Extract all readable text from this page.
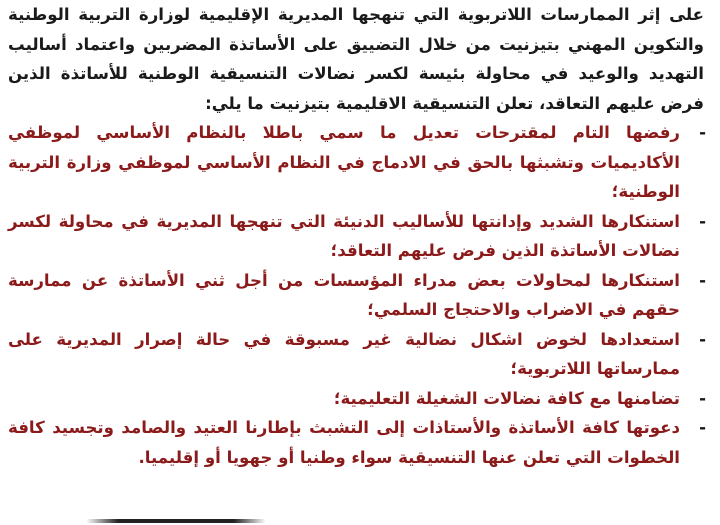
على إثر الممارسات اللاتربوية التي تنهجها المديرية الإقليمية لوزارة التربية الوطنية والتكوين المهني بتيزنيت من خلال التضييق على الأساتذة المضربين واعتماد أساليب التهديد والوعيد في محاولة بئيسة لكسر نضالات التنسيقية الوطنية للأساتذة الذين فرض عليهم التعاقد، تعلن التنسيقية الاقليمية بتيزنيت ما يلي:

-
رفضها التام لمقترحات تعديل ما سمي باطلا بالنظام الأساسي لموظفي الأكاديميات وتشبثها بالحق في الادماج في النظام الأساسي لموظفي وزارة التربية الوطنية؛
-
استنكارها الشديد وإدانتها للأساليب الدنيئة التي تنهجها المديرية في محاولة لكسر نضالات الأساتذة الذين فرض عليهم التعاقد؛
-
استنكارها لمحاولات بعض مدراء المؤسسات من أجل ثني الأساتذة عن ممارسة حقهم في الاضراب والاحتجاج السلمي؛
-
استعدادها لخوض اشكال نضالية غير مسبوقة في حالة إصرار المديرية على ممارساتها اللاتربوية؛
-
تضامنها مع كافة نضالات الشغيلة التعليمية؛
-
دعوتها كافة الأساتذة والأستاذات إلى التشبث بإطارنا العتيد والصامد وتجسيد كافة الخطوات التي تعلن عنها التنسيقية سواء وطنيا أو جهويا أو إقليميا.
